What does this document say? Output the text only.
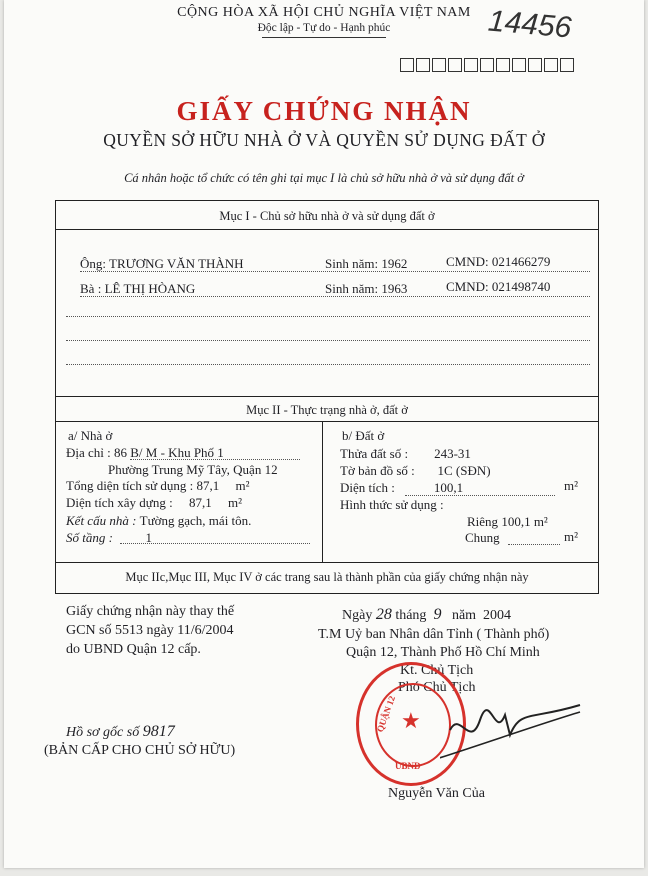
CỘNG HÒA XÃ HỘI CHỦ NGHĨA VIỆT NAM
Độc lập - Tự do - Hạnh phúc	14456
GIẤY CHỨNG NHẬN
QUYỀN SỞ HỮU NHÀ Ở VÀ QUYỀN SỬ DỤNG ĐẤT Ở
Cá nhân hoặc tổ chức có tên ghi tại mục I là chủ sở hữu nhà ở và sử dụng đất ở
Mục I - Chủ sở hữu nhà ở và sử dụng đất ở
Ông: TRƯƠNG VĂN THÀNH	Sinh năm: 1962	CMND: 021466279
Bà : LÊ THỊ HÒANG	Sinh năm: 1963	CMND: 021498740
Mục II - Thực trạng nhà ở, đất ở
a/ Nhà ở
Địa chỉ : 86 B/ M - Khu Phố 1
Phường Trung Mỹ Tây, Quận 12
Tổng diện tích sử dụng : 87,1 m²
Diện tích xây dựng :     87,1 m²
Kết cấu nhà : Tường gạch, mái tôn.
Số tầng :          1
b/ Đất ở
Thửa đất số :        243-31
Tờ bản đồ số :       1C (SĐN)
Diện tích :	100,1	m²
Hình thức sử dụng :
Riêng 100,1 m²
Chung	m²
Mục IIc,Mục III, Mục IV ở các trang sau là thành phần của giấy chứng nhận này
Giấy chứng nhận này thay thế
GCN số 5513 ngày 11/6/2004
do UBND Quận 12 cấp.
Ngày 28 tháng  9   năm  2004
T.M Uỷ ban Nhân dân Tỉnh ( Thành phố)
Quận 12, Thành Phố Hồ Chí Minh
Kt. Chủ Tịch
Phó Chủ Tịch
★
QUẬN 12
UBND
Nguyễn Văn Của
Hồ sơ gốc số 9817
(BẢN CẤP CHO CHỦ SỞ HỮU)
